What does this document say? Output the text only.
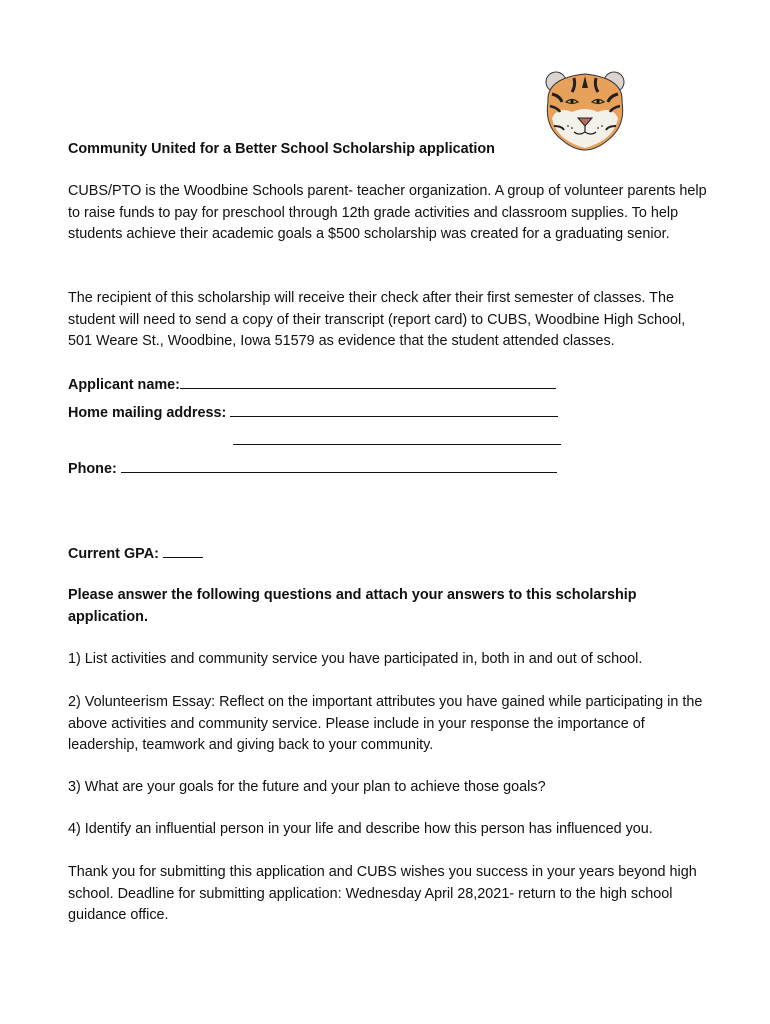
Community United for a Better School Scholarship application
CUBS/PTO is the Woodbine Schools parent- teacher organization. A group of volunteer parents help to raise funds to pay for preschool through 12th grade activities and classroom supplies. To help students achieve their academic goals a $500 scholarship was created for a graduating senior.
The recipient of this scholarship will receive their check after their first semester of classes. The student will need to send a copy of their transcript (report card) to CUBS, Woodbine High School, 501 Weare St., Woodbine, Iowa 51579 as evidence that the student attended classes.
Applicant name:
Home mailing address:
Phone:
Current GPA:
Please answer the following questions and attach your answers to this scholarship application.
1) List activities and community service you have participated in, both in and out of school.
2) Volunteerism Essay: Reflect on the important attributes you have gained while participating in the above activities and community service. Please include in your response the importance of leadership, teamwork and giving back to your community.
3) What are your goals for the future and your plan to achieve those goals?
4) Identify an influential person in your life and describe how this person has influenced you.
Thank you for submitting this application and CUBS wishes you success in your years beyond high school. Deadline for submitting application: Wednesday April 28,2021- return to the high school guidance office.
